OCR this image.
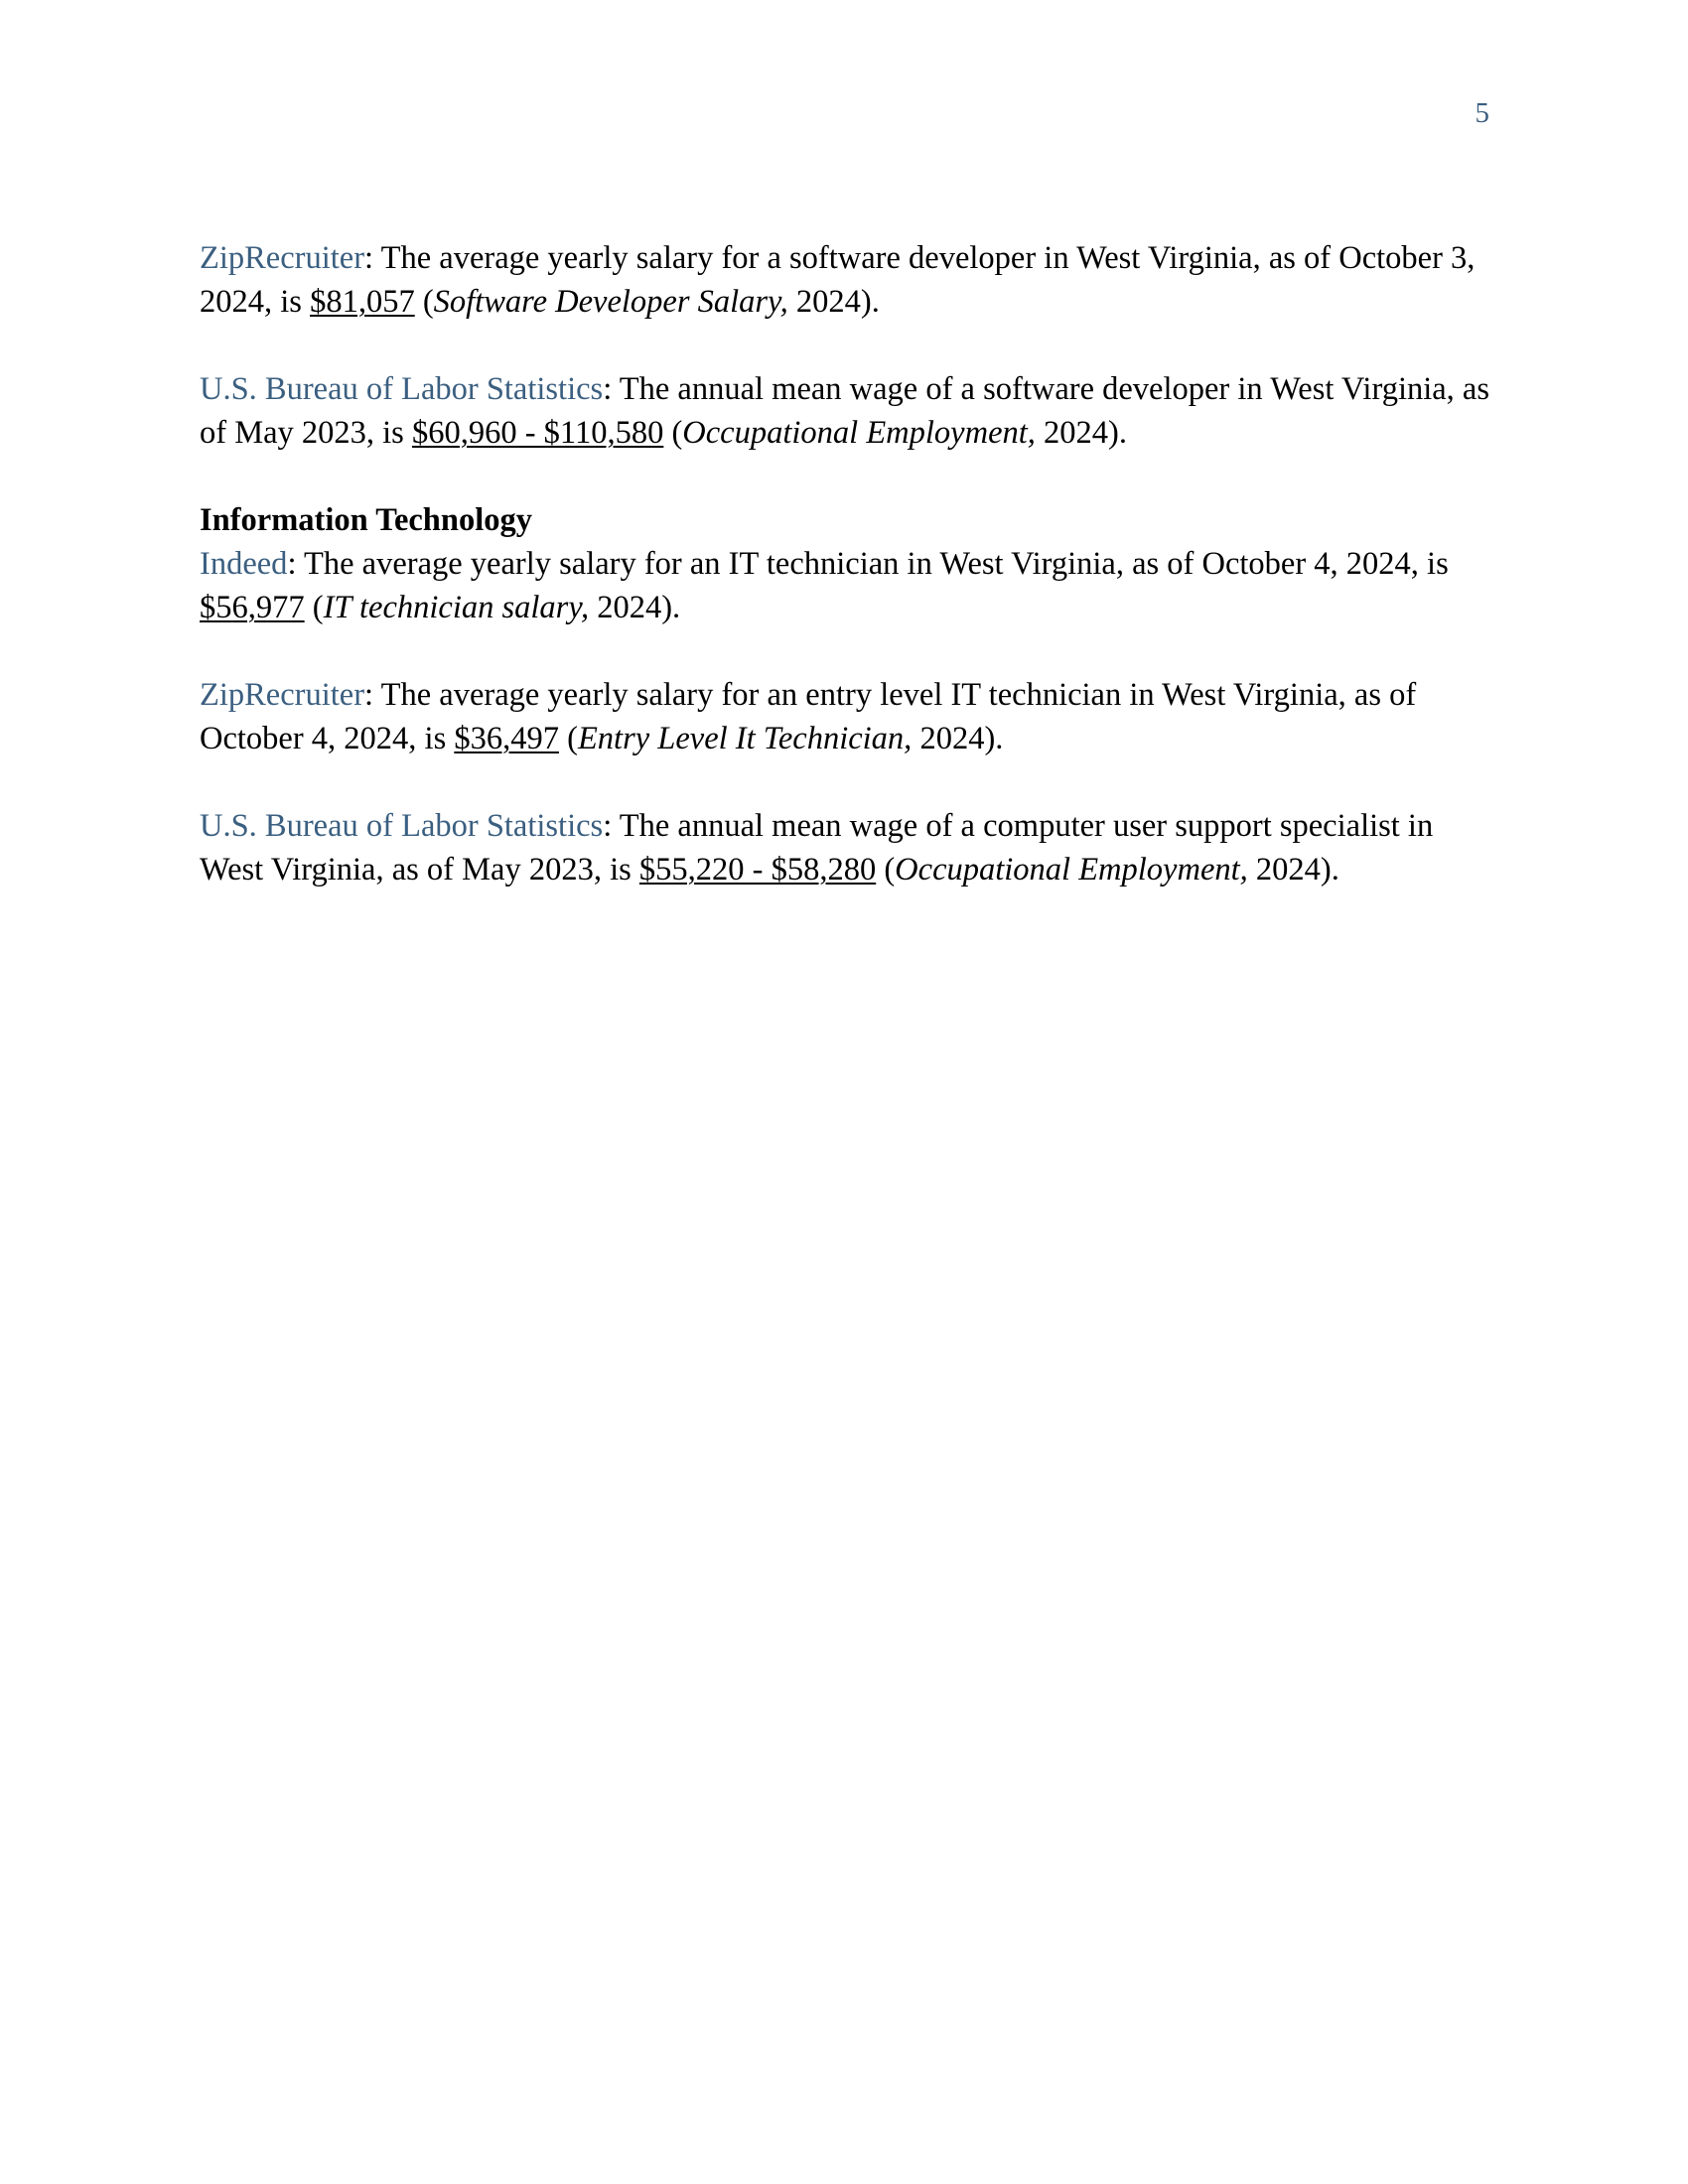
5

ZipRecruiter: The average yearly salary for a software developer in West Virginia, as of October 3, 2024, is $81,057 (Software Developer Salary, 2024).

U.S. Bureau of Labor Statistics: The annual mean wage of a software developer in West Virginia, as of May 2023, is $60,960 - $110,580 (Occupational Employment, 2024).

Information Technology

Indeed: The average yearly salary for an IT technician in West Virginia, as of October 4, 2024, is $56,977 (IT technician salary, 2024).

ZipRecruiter: The average yearly salary for an entry level IT technician in West Virginia, as of October 4, 2024, is $36,497 (Entry Level It Technician, 2024).

U.S. Bureau of Labor Statistics: The annual mean wage of a computer user support specialist in West Virginia, as of May 2023, is $55,220 - $58,280 (Occupational Employment, 2024).
